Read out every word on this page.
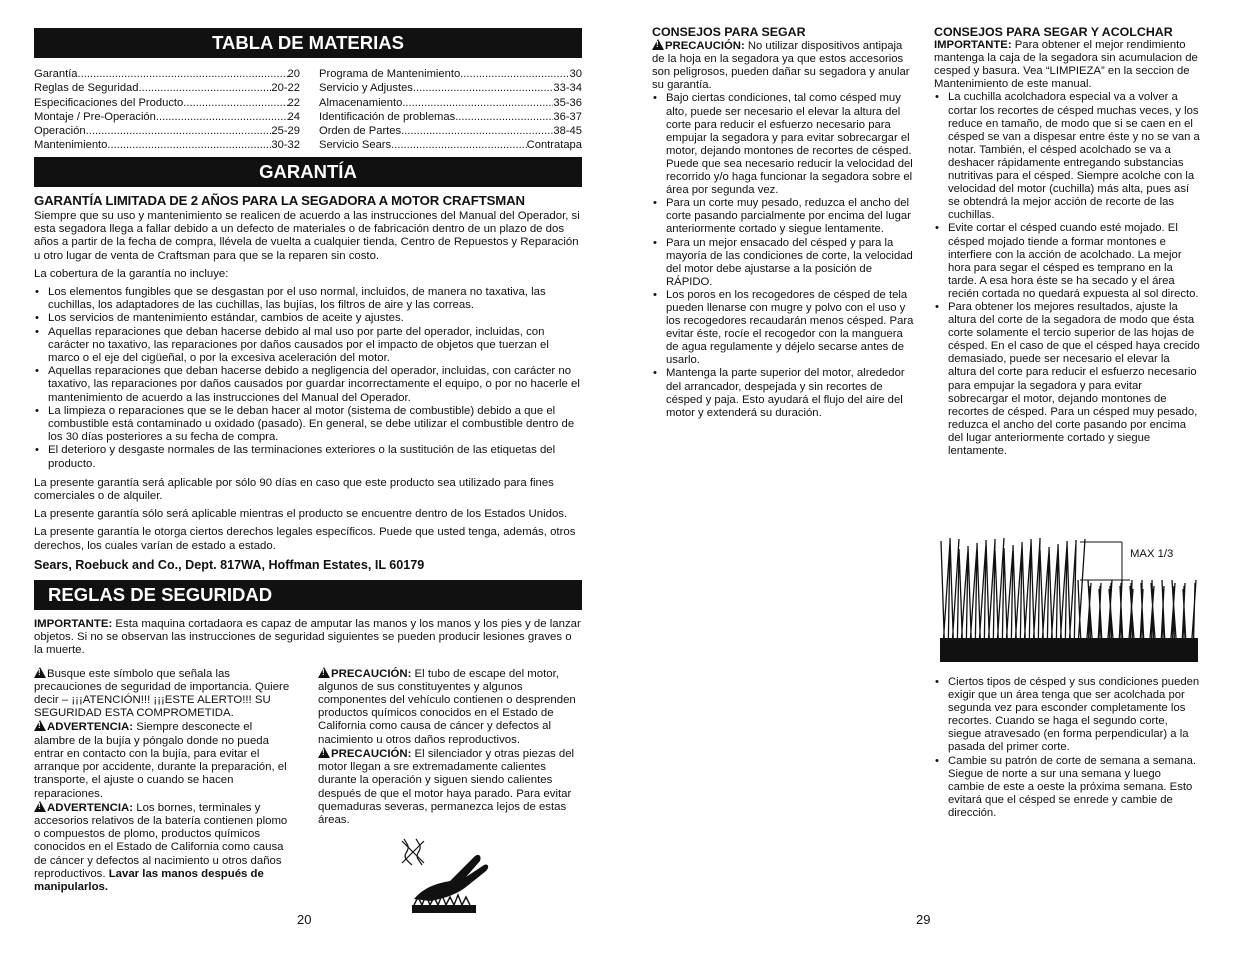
TABLA DE MATERIAS
Garantía .....	20
Reglas de Seguridad .....	20-22
Especificaciones del Producto .....	22
Montaje / Pre-Operación .....	24
Operación .....	25-29
Mantenimiento .....	30-32
Programa de Mantenimiento .....	30
Servicio y Adjustes .....	33-34
Almacenamiento .....	35-36
Identificación de problemas .....	36-37
Orden de Partes .....	38-45
Servicio Sears .....	Contratapa
GARANTÍA

GARANTÍA LIMITADA DE 2 AÑOS PARA LA SEGADORA A MOTOR CRAFTSMAN

Siempre que su uso y mantenimiento se realicen de acuerdo a las instrucciones del Manual del Operador, si esta segadora llega a fallar debido a un defecto de materiales o de fabricación dentro de un plazo de dos años a partir de la fecha de compra, llévela de vuelta a cualquier tienda, Centro de Repuestos y Reparación u otro lugar de venta de Craftsman para que se la reparen sin costo.

La cobertura de la garantía no incluye:

• Los elementos fungibles que se desgastan por el uso normal, incluidos, de manera no taxativa, las cuchillas, los adaptadores de las cuchillas, las bujías, los filtros de aire y las correas.
• Los servicios de mantenimiento estándar, cambios de aceite y ajustes.
• Aquellas reparaciones que deban hacerse debido al mal uso por parte del operador, incluidas, con carácter no taxativo, las reparaciones por daños causados por el impacto de objetos que tuerzan el marco o el eje del cigüeñal, o por la excesiva aceleración del motor.
• Aquellas reparaciones que deban hacerse debido a negligencia del operador, incluidas, con carácter no taxativo, las reparaciones por daños causados por guardar incorrectamente el equipo, o por no hacerle el mantenimiento de acuerdo a las instrucciones del Manual del Operador.
• La limpieza o reparaciones que se le deban hacer al motor (sistema de combustible) debido a que el combustible está contaminado u oxidado (pasado). En general, se debe utilizar el combustible dentro de los 30 días posteriores a su fecha de compra.
• El deterioro y desgaste normales de las terminaciones exteriores o la sustitución de las etiquetas del producto.

La presente garantía será aplicable por sólo 90 días en caso que este producto sea utilizado para fines comerciales o de alquiler.

La presente garantía sólo será aplicable mientras el producto se encuentre dentro de los Estados Unidos.

La presente garantía le otorga ciertos derechos legales específicos. Puede que usted tenga, además, otros derechos, los cuales varían de estado a estado.

Sears, Roebuck and Co., Dept. 817WA, Hoffman Estates, IL 60179

REGLAS DE SEGURIDAD

IMPORTANTE: Esta maquina cortadaora es capaz de amputar las manos y los manos y los pies y de lanzar objetos. Si no se observan las instrucciones de seguridad siguientes se pueden producir lesiones graves o la muerte.

!Busque este símbolo que señala las precauciones de seguridad de importancia. Quiere decir – ¡¡¡ATENCIÓN!!! ¡¡¡ESTE ALERTO!!! SU SEGURIDAD ESTA COMPROMETIDA.

!ADVERTENCIA: Siempre desconecte el alambre de la bujía y póngalo donde no pueda entrar en contacto con la bujía, para evitar el arranque por accidente, durante la preparación, el transporte, el ajuste o cuando se hacen reparaciones.

!ADVERTENCIA: Los bornes, terminales y accesorios relativos de la batería contienen plomo o compuestos de plomo, productos químicos conocidos en el Estado de California como causa de cáncer y defectos al nacimiento u otros daños reproductivos. Lavar las manos después de manipularlos.

!PRECAUCIÓN: El tubo de escape del motor, algunos de sus constituyentes y algunos componentes del vehículo contienen o desprenden productos químicos conocidos en el Estado de California como causa de cáncer y defectos al nacimiento u otros daños reproductivos.

!PRECAUCIÓN: El silenciador y otras piezas del motor llegan a sre extremadamente calientes durante la operación y siguen siendo calientes después de que el motor haya parado. Para evitar quemaduras severas, permanezca lejos de estas áreas.

20

CONSEJOS PARA SEGAR

!PRECAUCIÓN: No utilizar dispositivos antipaja de la hoja en la segadora ya que estos accesorios son peligrosos, pueden dañar su segadora y anular su garantía.

• Bajo ciertas condiciones, tal como césped muy alto, puede ser necesario el elevar la altura del corte para reducir el esfuerzo necesario para empujar la segadora y para evitar sobrecargar el motor, dejando montones de recortes de césped. Puede que sea necesario reducir la velocidad del recorrido y/o haga funcionar la segadora sobre el área por segunda vez.
• Para un corte muy pesado, reduzca el ancho del corte pasando parcialmente por encima del lugar anteriormente cortado y siegue lentamente.
• Para un mejor ensacado del césped y para la mayoría de las condiciones de corte, la velocidad del motor debe ajustarse a la posición de RÁPIDO.
• Los poros en los recogedores de césped de tela pueden llenarse con mugre y polvo con el uso y los recogedores recaudarán menos césped. Para evitar éste, rocíe el recogedor con la manguera de agua regulamente y déjelo secarse antes de usarlo.
• Mantenga la parte superior del motor, alrededor del arrancador, despejada y sin recortes de césped y paja. Esto ayudará el flujo del aire del motor y extenderá su duración.

CONSEJOS PARA SEGAR Y ACOLCHAR

IMPORTANTE: Para obtener el mejor rendimiento mantenga la caja de la segadora sin acumulacion de cesped y basura. Vea “LIMPIEZA” en la seccion de Mantenimiento de este manual.

• La cuchilla acolchadora especial va a volver a cortar los recortes de césped muchas veces, y los reduce en tamaño, de modo que si se caen en el césped se van a dispesar entre éste y no se van a notar. También, el césped acolchado se va a deshacer rápidamente entregando substancias nutritivas para el césped. Siempre acolche con la velocidad del motor (cuchilla) más alta, pues así se obtendrá la mejor acción de recorte de las cuchillas.
• Evite cortar el césped cuando esté mojado. El césped mojado tiende a formar montones e interfiere con la acción de acolchado. La mejor hora para segar el césped es temprano en la tarde. A esa hora éste se ha secado y el área recién cortada no quedará expuesta al sol directo.
• Para obtener los mejores resultados, ajuste la altura del corte de la segadora de modo que ésta corte solamente el tercio superior de las hojas de césped. En el caso de que el césped haya crecido demasiado, puede ser necesario el elevar la altura del corte para reducir el esfuerzo necesario para empujar la segadora y para evitar sobrecargar el motor, dejando montones de recortes de césped. Para un césped muy pesado, reduzca el ancho del corte pasando por encima del lugar anteriormente cortado y siegue lentamente.
MAX 1/3
• Ciertos tipos de césped y sus condiciones pueden exigir que un área tenga que ser acolchada por segunda vez para esconder completamente los recortes. Cuando se haga el segundo corte, siegue atravesado (en forma perpendicular) a la pasada del primer corte.
• Cambie su patrón de corte de semana a semana. Siegue de norte a sur una semana y luego cambie de este a oeste la próxima semana. Esto evitará que el césped se enrede y cambie de dirección.
29
